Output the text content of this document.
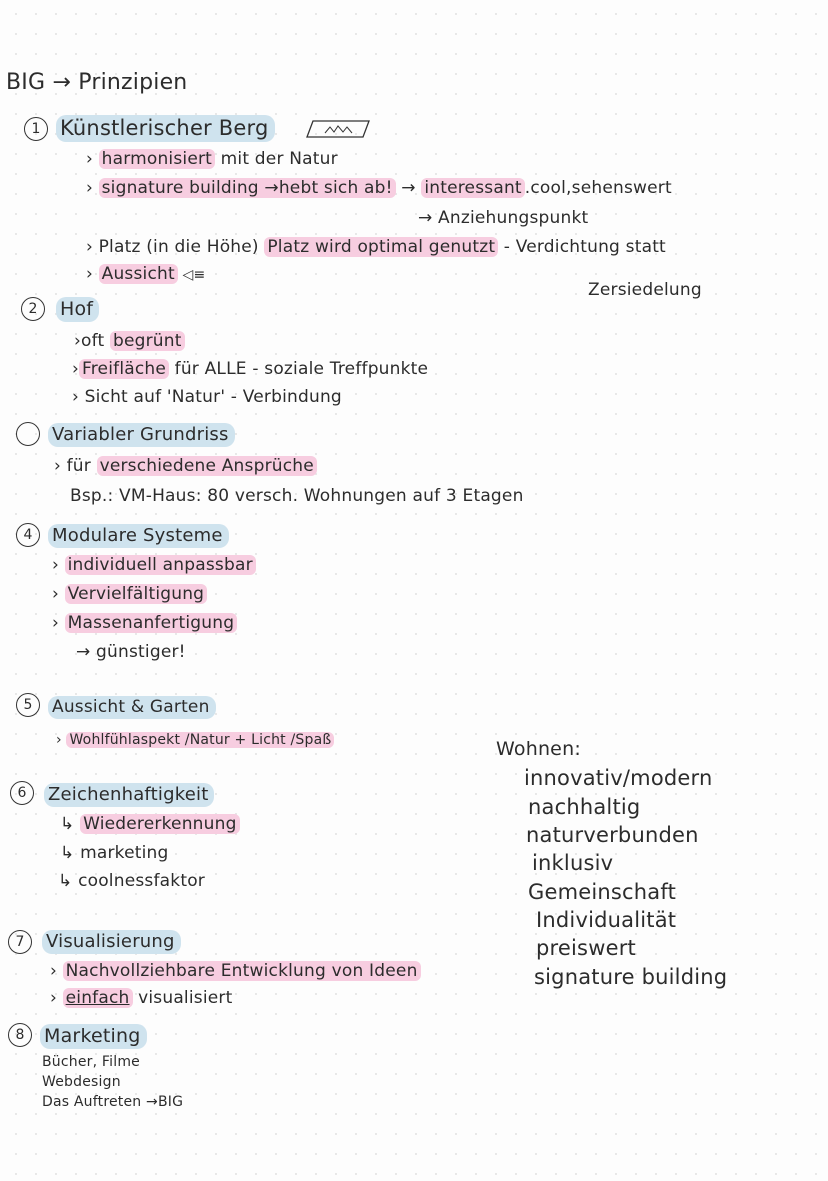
BIG → Prinzipien
1 Künstlerischer Berg
› harmonisiert mit der Natur
› signature building →hebt sich ab! → interessant .cool,sehenswert
→ Anziehungspunkt
› Platz (in die Höhe) Platz wird optimal genutzt - Verdichtung statt
› Aussicht ◁≡
Zersiedelung
2	Hof
›oft begrünt
› Freifläche für ALLE - soziale Treffpunkte
› Sicht auf 'Natur' - Verbindung
Variabler Grundriss
› für verschiedene Ansprüche
Bsp.: VM-Haus: 80 versch. Wohnungen auf 3 Etagen
4	Modulare Systeme
› individuell anpassbar
› Vervielfältigung
› Massenanfertigung
→ günstiger!
5	Aussicht & Garten
› Wohlfühlaspekt /Natur + Licht /Spaß
6	Zeichenhaftigkeit
↳ Wiedererkennung
↳ marketing
↳ coolnessfaktor
7	Visualisierung
› Nachvollziehbare Entwicklung von Ideen
› einfach visualisiert
8	Marketing
Bücher, Filme
Webdesign
Das Auftreten →BIG
Wohnen:
innovativ/modern
nachhaltig
naturverbunden
inklusiv
Gemeinschaft
Individualität
preiswert
signature building
